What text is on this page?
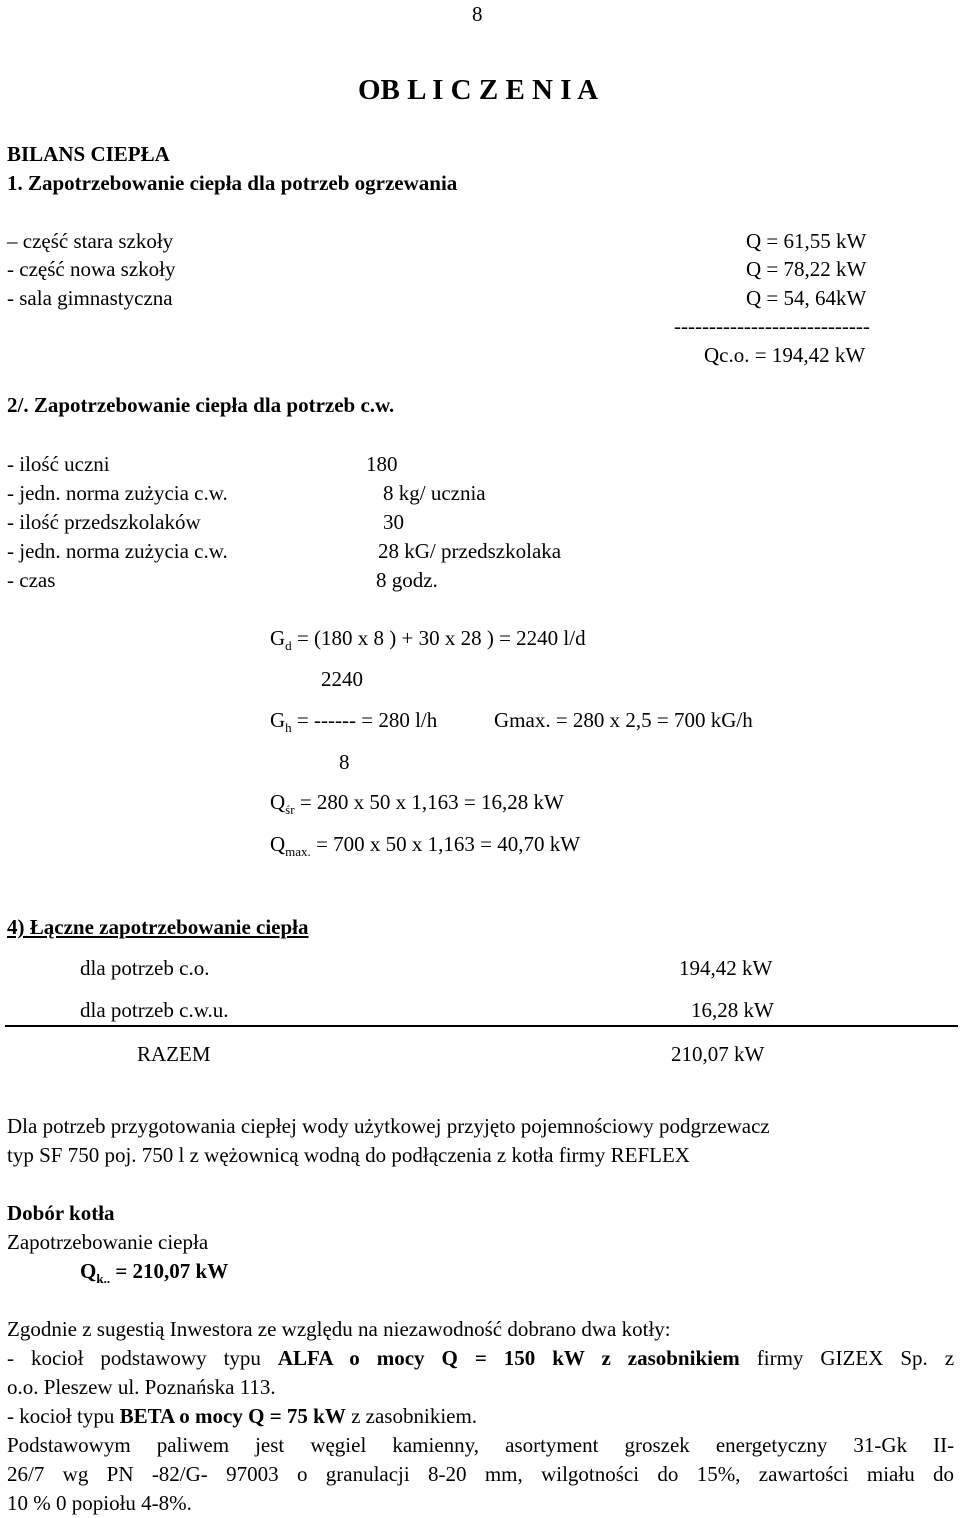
8
OB L I C Z E N I A
BILANS CIEPŁA
1. Zapotrzebowanie ciepła dla potrzeb ogrzewania
– część stara szkoły	Q = 61,55 kW
- część nowa szkoły	Q = 78,22 kW
- sala gimnastyczna	Q = 54, 64kW
----------------------------
Qc.o. = 194,42 kW
2/. Zapotrzebowanie ciepła dla potrzeb c.w.
- ilość uczni	180
- jedn. norma zużycia c.w.	8 kg/ ucznia
- ilość przedszkolaków	30
- jedn. norma zużycia c.w.	28 kG/ przedszkolaka
- czas	8 godz.
$G_d = (180$ x 8 ) + 30 x 28 ) = 2240 l/d
2240
$G_h$ = ------ = 280 l/h	Gmax. = 280 x 2,5 = 700 kG/h
8
$Q_{śr} = 280$ x 50 x 1,163 = 16,28 kW
$Q_{max.} = 700$ x 50 x 1,163 = 40,70 kW
4) Łączne zapotrzebowanie ciepła
dla potrzeb c.o.	194,42 kW
dla potrzeb c.w.u.	16,28 kW
RAZEM	210,07 kW
Dla potrzeb przygotowania ciepłej wody użytkowej przyjęto pojemnościowy podgrzewacz
typ SF 750 poj. 750 l z wężownicą wodną do podłączenia z kotła firmy REFLEX
Dobór kotła
Zapotrzebowanie ciepła
$Q_{k..} = 210,07$ kW
Zgodnie z sugestią Inwestora ze względu na niezawodność dobrano dwa kotły:
- kocioł podstawowy typu ALFA o mocy Q = 150 kW z zasobnikiem firmy GIZEX Sp. z
o.o. Pleszew ul. Poznańska 113.
- kocioł typu BETA o mocy Q = 75 kW z zasobnikiem.
Podstawowym paliwem jest węgiel kamienny, asortyment groszek energetyczny 31-Gk II-
26/7 wg PN -82/G- 97003 o granulacji 8-20 mm, wilgotności do 15%, zawartości miału do
10 % 0 popiołu 4-8%.
